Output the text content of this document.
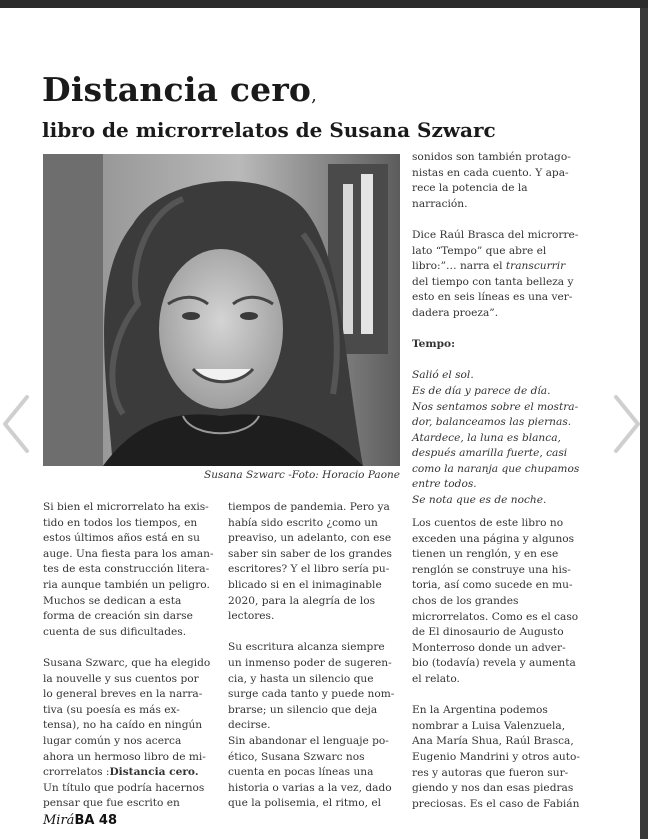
Distancia cero,
libro de microrrelatos de Susana Szwarc
Susana Szwarc -Foto: Horacio Paone
Si bien el microrrelato ha exis-
tido en todos los tiempos, en
estos últimos años está en su
auge. Una fiesta para los aman-
tes de esta construcción litera-
ria aunque también un peligro.
Muchos se dedican a esta
forma de creación sin darse
cuenta de sus dificultades.

Susana Szwarc, que ha elegido
la nouvelle y sus cuentos por
lo general breves en la narra-
tiva (su poesía es más ex-
tensa), no ha caído en ningún
lugar común y nos acerca
ahora un hermoso libro de mi-
crorrelatos :Distancia cero.
Un título que podría hacernos
pensar que fue escrito en
tiempos de pandemia. Pero ya
había sido escrito ¿como un
preaviso, un adelanto, con ese
saber sin saber de los grandes
escritores? Y el libro sería pu-
blicado si en el inimaginable
2020, para la alegría de los
lectores.

Su escritura alcanza siempre
un inmenso poder de sugeren-
cia, y hasta un silencio que
surge cada tanto y puede nom-
brarse; un silencio que deja
decirse.
Sin abandonar el lenguaje po-
ético, Susana Szwarc nos
cuenta en pocas líneas una
historia o varias a la vez, dado
que la polisemia, el ritmo, el
sonidos son también protago-
nistas en cada cuento. Y apa-
rece la potencia de la
narración.

Dice Raúl Brasca del microrre-
lato “Tempo” que abre el
libro:”… narra el transcurrir
del tiempo con tanta belleza y
esto en seis líneas es una ver-
dadera proeza”.

Tempo:

Salió el sol.
Es de día y parece de día.
Nos sentamos sobre el mostra-
dor, balanceamos las piernas.
Atardece, la luna es blanca,
después amarilla fuerte, casi
como la naranja que chupamos
entre todos.
Se nota que es de noche.
Los cuentos de este libro no
exceden una página y algunos
tienen un renglón, y en ese
renglón se construye una his-
toria, así como sucede en mu-
chos de los grandes
microrrelatos. Como es el caso
de El dinosaurio de Augusto
Monterroso donde un adver-
bio (todavía) revela y aumenta
el relato.

En la Argentina podemos
nombrar a Luisa Valenzuela,
Ana María Shua, Raúl Brasca,
Eugenio Mandrini y otros auto-
res y autoras que fueron sur-
giendo y nos dan esas piedras
preciosas. Es el caso de Fabián
MiráBA 48
